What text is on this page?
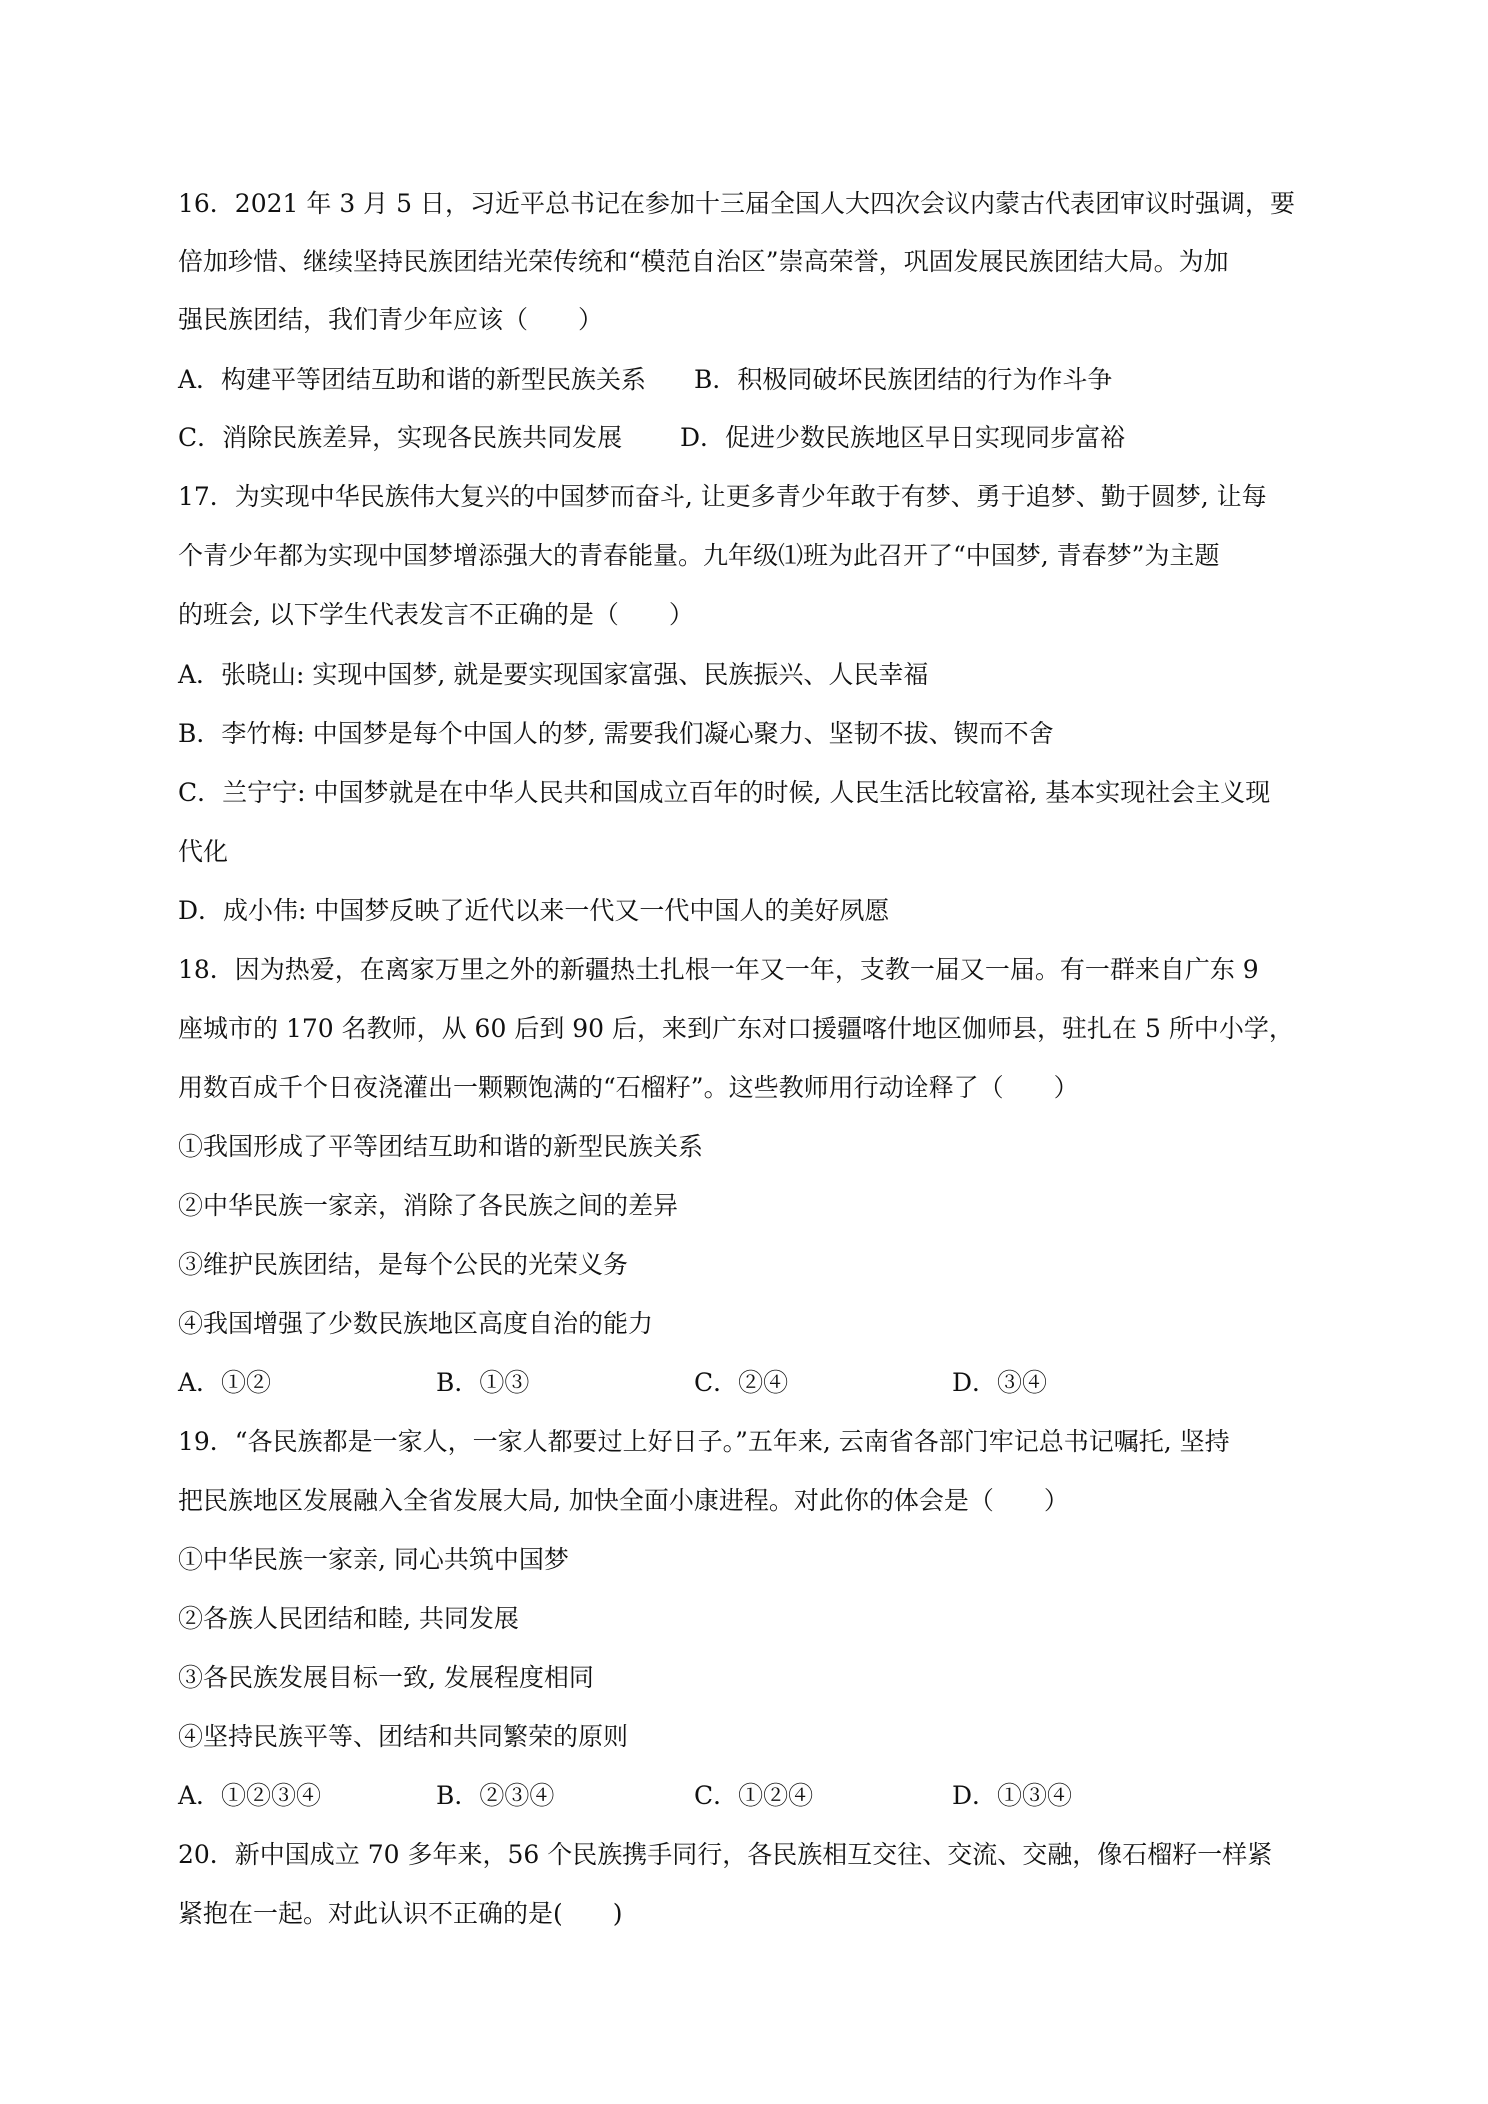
16．2021 年 3 月 5 日，习近平总书记在参加十三届全国人大四次会议内蒙古代表团审议时强调，要
倍加珍惜、继续坚持民族团结光荣传统和“模范自治区”崇高荣誉，巩固发展民族团结大局。为加
强民族团结，我们青少年应该（　　）
A．构建平等团结互助和谐的新型民族关系	B．积极同破坏民族团结的行为作斗争
C．消除民族差异，实现各民族共同发展	D．促进少数民族地区早日实现同步富裕
17．为实现中华民族伟大复兴的中国梦而奋斗, 让更多青少年敢于有梦、勇于追梦、勤于圆梦, 让每
个青少年都为实现中国梦增添强大的青春能量。九年级⑴班为此召开了“中国梦, 青春梦”为主题
的班会, 以下学生代表发言不正确的是（　　）
A．张晓山: 实现中国梦, 就是要实现国家富强、民族振兴、人民幸福
B．李竹梅: 中国梦是每个中国人的梦, 需要我们凝心聚力、坚韧不拔、锲而不舍
C．兰宁宁: 中国梦就是在中华人民共和国成立百年的时候, 人民生活比较富裕, 基本实现社会主义现
代化
D．成小伟: 中国梦反映了近代以来一代又一代中国人的美好夙愿
18．因为热爱，在离家万里之外的新疆热土扎根一年又一年，支教一届又一届。有一群来自广东 9
座城市的 170 名教师，从 60 后到 90 后，来到广东对口援疆喀什地区伽师县，驻扎在 5 所中小学，
用数百成千个日夜浇灌出一颗颗饱满的“石榴籽”。这些教师用行动诠释了（　　）
①我国形成了平等团结互助和谐的新型民族关系
②中华民族一家亲，消除了各民族之间的差异
③维护民族团结，是每个公民的光荣义务
④我国增强了少数民族地区高度自治的能力
A．①②	B．①③	C．②④	D．③④
19．“各民族都是一家人，一家人都要过上好日子。”五年来, 云南省各部门牢记总书记嘱托, 坚持
把民族地区发展融入全省发展大局, 加快全面小康进程。对此你的体会是（　　）
①中华民族一家亲, 同心共筑中国梦
②各族人民团结和睦, 共同发展
③各民族发展目标一致, 发展程度相同
④坚持民族平等、团结和共同繁荣的原则
A．①②③④	B．②③④	C．①②④	D．①③④
20．新中国成立 70 多年来，56 个民族携手同行，各民族相互交往、交流、交融，像石榴籽一样紧
紧抱在一起。对此认识不正确的是(　　)
